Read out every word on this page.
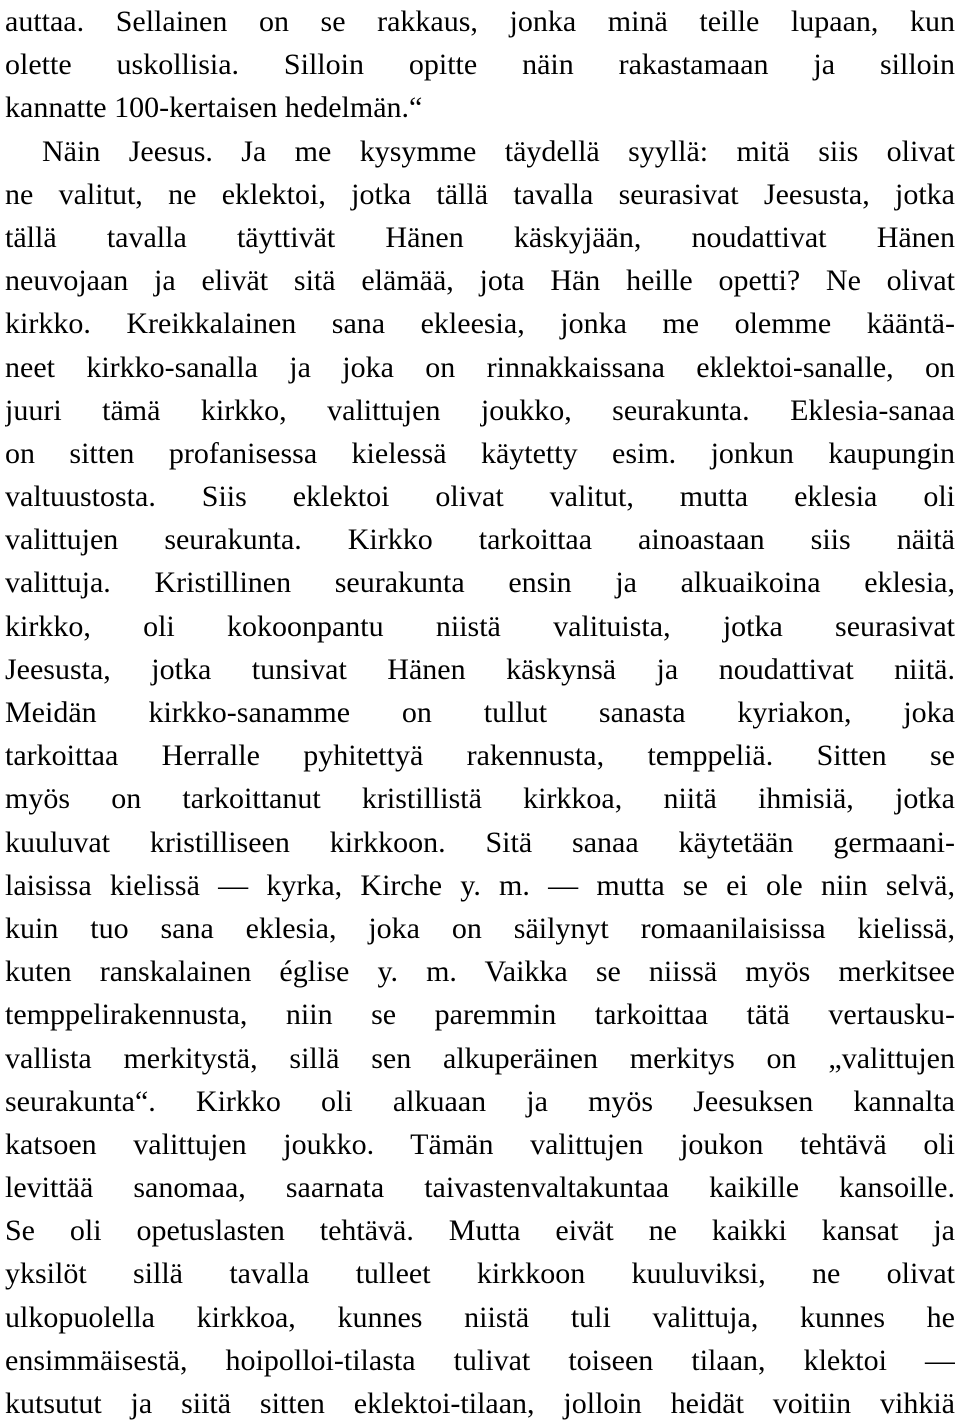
auttaa. Sellainen on se rakkaus, jonka minä teille lupaan, kun
olette uskollisia. Silloin opitte näin rakastamaan ja silloin
kannatte 100-kertaisen hedelmän.“
Näin Jeesus. Ja me kysymme täydellä syyllä: mitä siis olivat
ne valitut, ne eklektoi, jotka tällä tavalla seurasivat Jeesusta, jotka
tällä tavalla täyttivät Hänen käskyjään, noudattivat Hänen
neuvojaan ja elivät sitä elämää, jota Hän heille opetti? Ne olivat
kirkko. Kreikkalainen sana ekleesia, jonka me olemme kääntä-
neet kirkko-sanalla ja joka on rinnakkaissana eklektoi-sanalle, on
juuri tämä kirkko, valittujen joukko, seurakunta. Eklesia-sanaa
on sitten profanisessa kielessä käytetty esim. jonkun kaupungin
valtuustosta. Siis eklektoi olivat valitut, mutta eklesia oli
valittujen seurakunta. Kirkko tarkoittaa ainoastaan siis näitä
valittuja. Kristillinen seurakunta ensin ja alkuaikoina eklesia,
kirkko, oli kokoonpantu niistä valituista, jotka seurasivat
Jeesusta, jotka tunsivat Hänen käskynsä ja noudattivat niitä.
Meidän kirkko-sanamme on tullut sanasta kyriakon, joka
tarkoittaa Herralle pyhitettyä rakennusta, temppeliä. Sitten se
myös on tarkoittanut kristillistä kirkkoa, niitä ihmisiä, jotka
kuuluvat kristilliseen kirkkoon. Sitä sanaa käytetään germaani-
laisissa kielissä — kyrka, Kirche y. m. — mutta se ei ole niin selvä,
kuin tuo sana eklesia, joka on säilynyt romaanilaisissa kielissä,
kuten ranskalainen église y. m. Vaikka se niissä myös merkitsee
temppelirakennusta, niin se paremmin tarkoittaa tätä vertausku-
vallista merkitystä, sillä sen alkuperäinen merkitys on „valittujen
seurakunta“. Kirkko oli alkuaan ja myös Jeesuksen kannalta
katsoen valittujen joukko. Tämän valittujen joukon tehtävä oli
levittää sanomaa, saarnata taivastenvaltakuntaa kaikille kansoille.
Se oli opetuslasten tehtävä. Mutta eivät ne kaikki kansat ja
yksilöt sillä tavalla tulleet kirkkoon kuuluviksi, ne olivat
ulkopuolella kirkkoa, kunnes niistä tuli valittuja, kunnes he
ensimmäisestä, hoipolloi-tilasta tulivat toiseen tilaan, klektoi —
kutsutut ja siitä sitten eklektoi-tilaan, jolloin heidät voitiin vihkiä
